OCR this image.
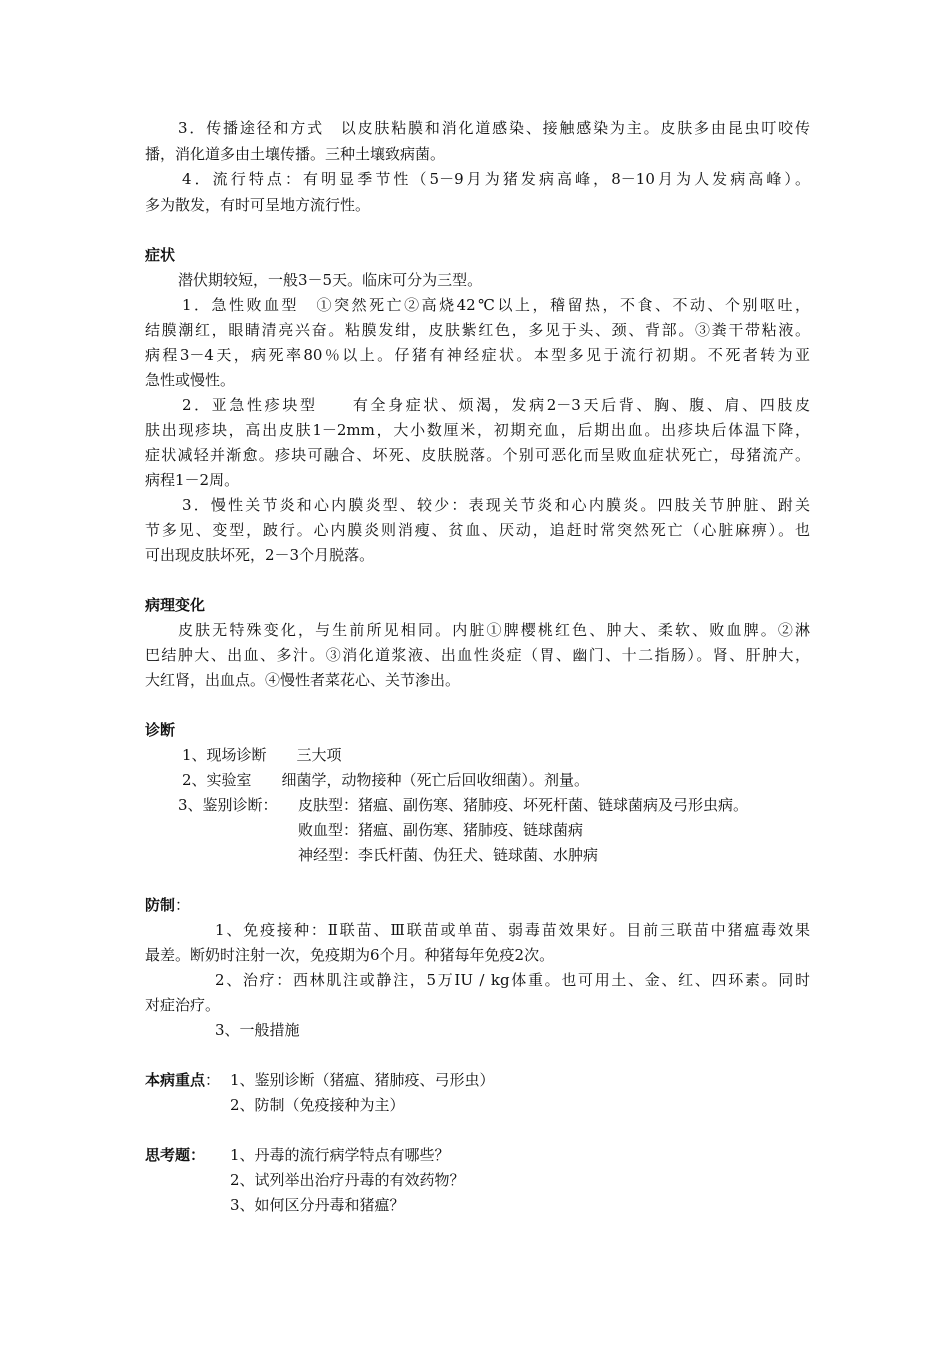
3．传播途径和方式　以皮肤粘膜和消化道感染、接触感染为主。皮肤多由昆虫叮咬传
播，消化道多由土壤传播。三种土壤致病菌。
4．流行特点：有明显季节性（5－9月为猪发病高峰，8－10月为人发病高峰）。
多为散发，有时可呈地方流行性。
症状
潜伏期较短，一般3－5天。临床可分为三型。
1．急性败血型　①突然死亡②高烧42℃以上，稽留热，不食、不动、个别呕吐，
结膜潮红，眼睛清亮兴奋。粘膜发绀，皮肤紫红色，多见于头、颈、背部。③粪干带粘液。
病程3－4天，病死率80％以上。仔猪有神经症状。本型多见于流行初期。不死者转为亚
急性或慢性。
2．亚急性疹块型　　有全身症状、烦渴，发病2－3天后背、胸、腹、肩、四肢皮
肤出现疹块，高出皮肤1－2mm，大小数厘米，初期充血，后期出血。出疹块后体温下降，
症状减轻并渐愈。疹块可融合、坏死、皮肤脱落。个别可恶化而呈败血症状死亡，母猪流产。
病程1－2周。
3．慢性关节炎和心内膜炎型、较少：表现关节炎和心内膜炎。四肢关节肿脏、跗关
节多见、变型，跛行。心内膜炎则消瘦、贫血、厌动，追赶时常突然死亡（心脏麻痹）。也
可出现皮肤坏死，2－3个月脱落。
病理变化
皮肤无特殊变化，与生前所见相同。内脏①脾樱桃红色、肿大、柔软、败血脾。②淋
巴结肿大、出血、多汁。③消化道浆液、出血性炎症（胃、幽门、十二指肠）。肾、肝肿大，
大红肾，出血点。④慢性者菜花心、关节渗出。
诊断
1、现场诊断　　三大项
2、实验室　　细菌学，动物接种（死亡后回收细菌）。剂量。
3、鉴别诊断：	皮肤型：猪瘟、副伤寒、猪肺疫、坏死杆菌、链球菌病及弓形虫病。
败血型：猪瘟、副伤寒、猪肺疫、链球菌病
神经型：李氏杆菌、伪狂犬、链球菌、水肿病
防制：
1、免疫接种：Ⅱ联苗、Ⅲ联苗或单苗、弱毒苗效果好。目前三联苗中猪瘟毒效果
最差。断奶时注射一次，免疫期为6个月。种猪每年免疫2次。
2、治疗：西林肌注或静注，5万IU / kg体重。也可用土、金、红、四环素。同时
对症治疗。
3、一般措施
本病重点： 1、鉴别诊断（猪瘟、猪肺疫、弓形虫）
2、防制（免疫接种为主）
思考题：	1、丹毒的流行病学特点有哪些？
2、试列举出治疗丹毒的有效药物？
3、如何区分丹毒和猪瘟？
